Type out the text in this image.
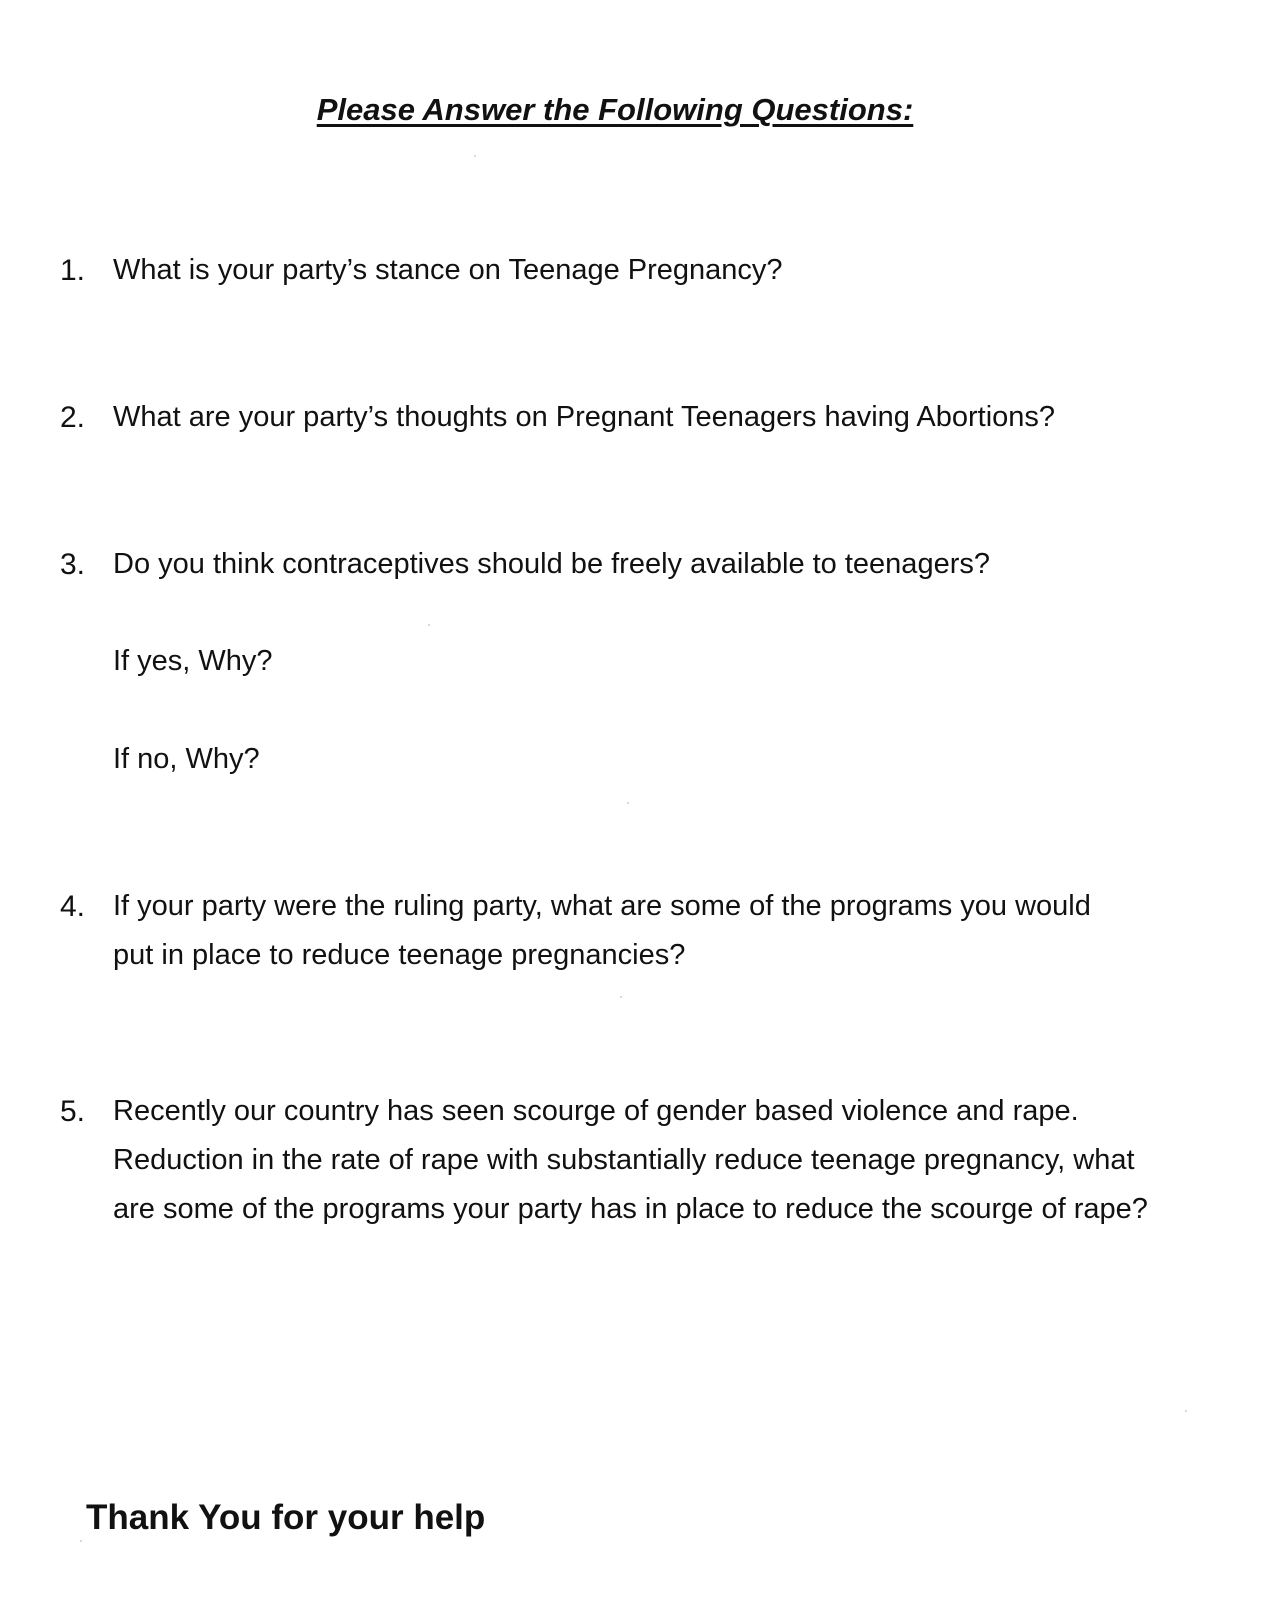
Please Answer the Following Questions:
1. What is your party’s stance on Teenage Pregnancy?
2. What are your party’s thoughts on Pregnant Teenagers having Abortions?
3. Do you think contraceptives should be freely available to teenagers?
If yes, Why?
If no, Why?
4. If your party were the ruling party, what are some of the programs you would
put in place to reduce teenage pregnancies?
5. Recently our country has seen scourge of gender based violence and rape.
Reduction in the rate of rape with substantially reduce teenage pregnancy, what
are some of the programs your party has in place to reduce the scourge of rape?
Thank You for your help
